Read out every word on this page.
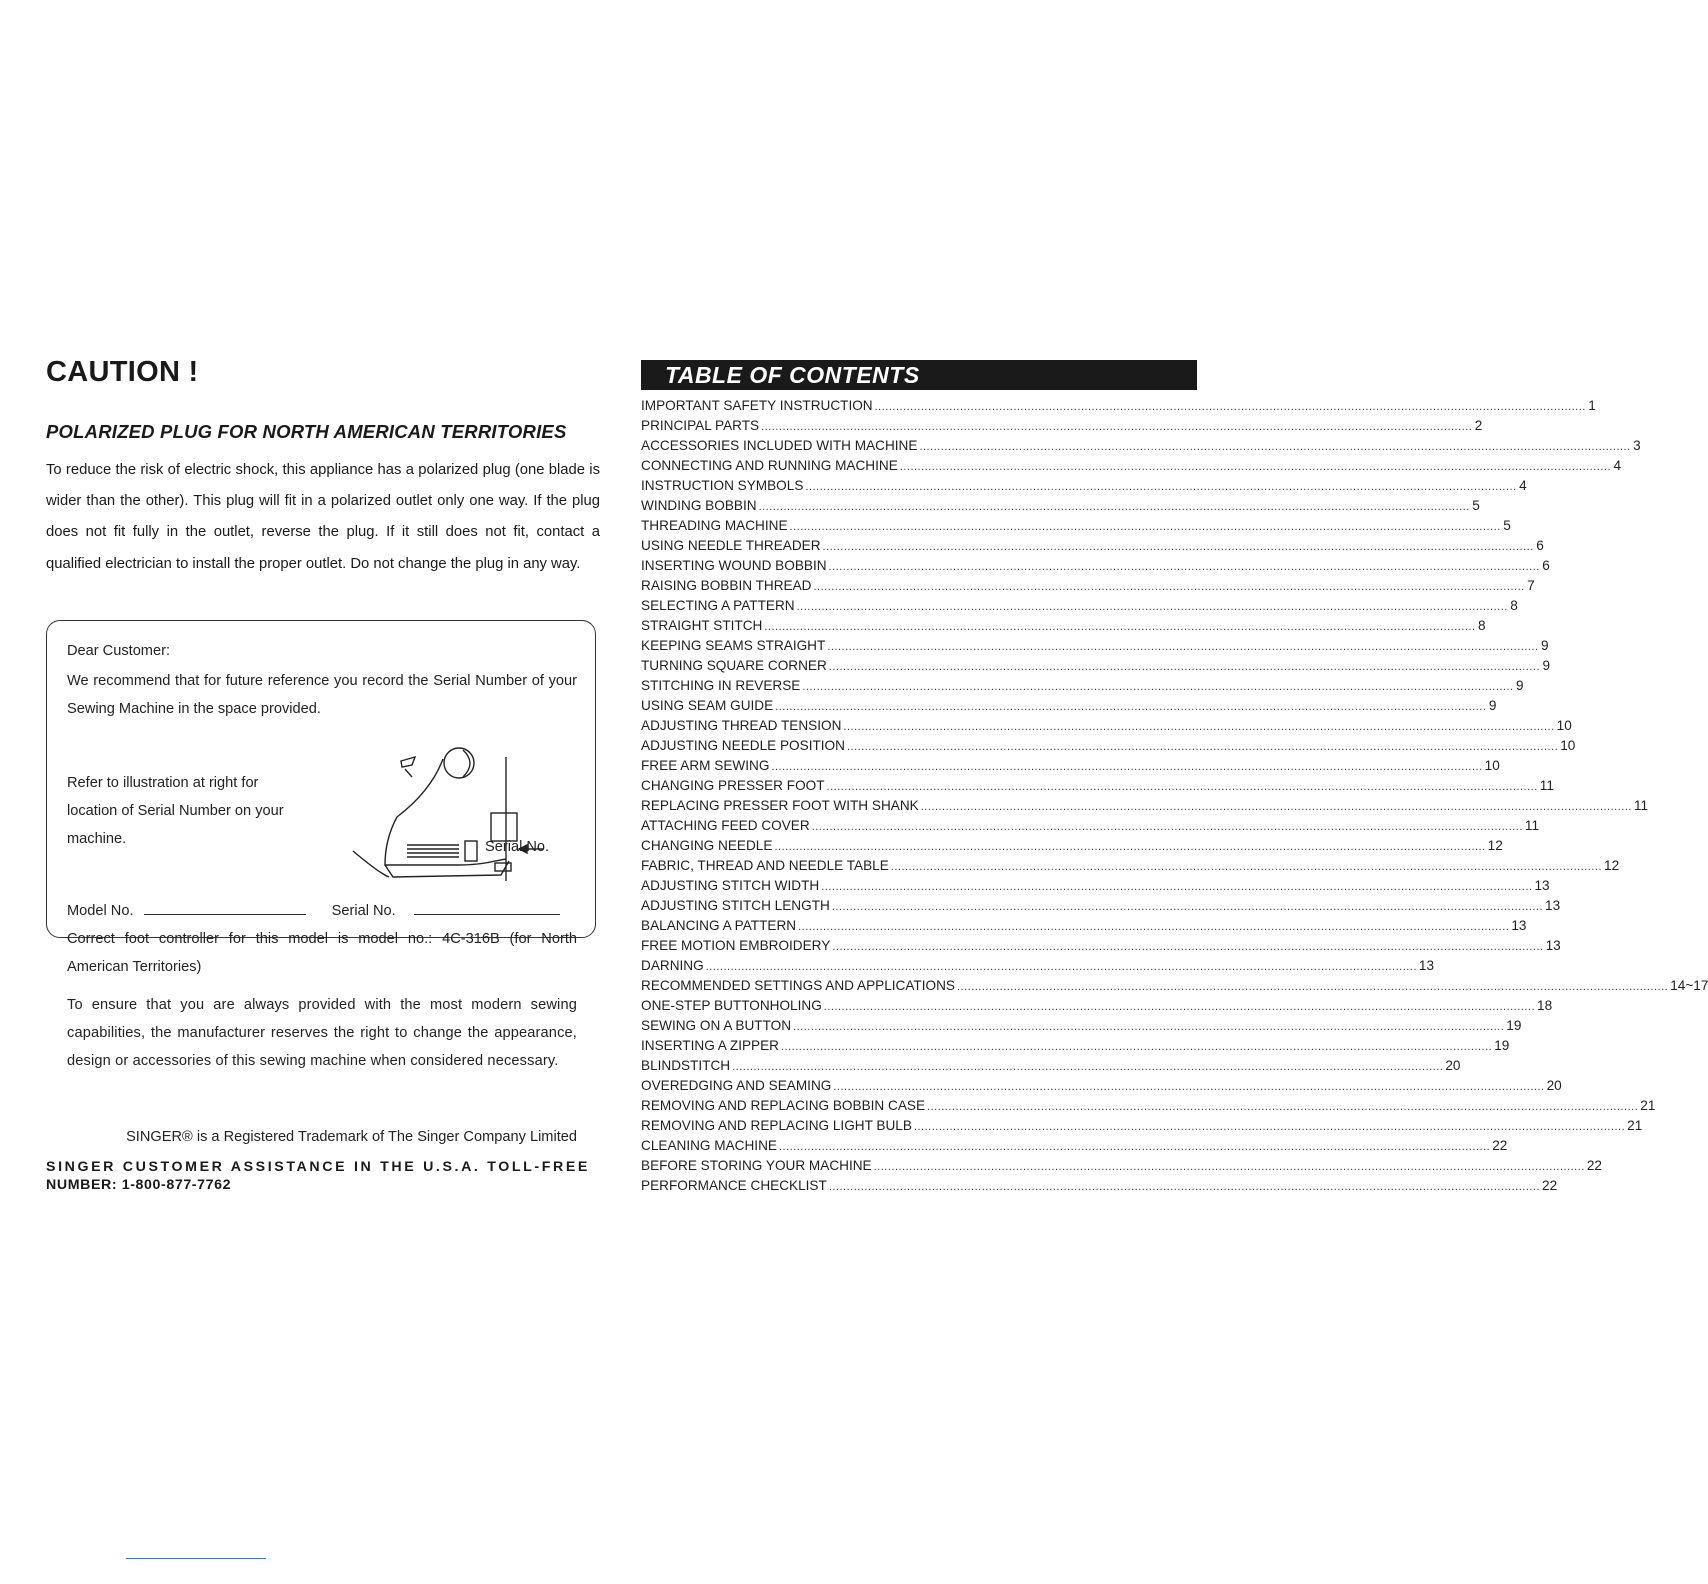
CAUTION !
POLARIZED PLUG FOR NORTH AMERICAN TERRITORIES

To reduce the risk of electric shock, this appliance has a polarized plug (one blade is wider than the other). This plug will fit in a polarized outlet only one way. If the plug does not fit fully in the outlet, reverse the plug. If it still does not fit, contact a qualified electrician to install the proper outlet. Do not change the plug in any way.

Dear Customer:

We recommend that for future reference you record the Serial Number of your Sewing Machine in the space provided.

Refer to illustration at right for location of Serial Number on your machine.	Serial No.
Model No.	Serial No.

Correct foot controller for this model is model no.: 4C-316B (for North American Territories)

To ensure that you are always provided with the most modern sewing capabilities, the manufacturer reserves the right to change the appearance, design or accessories of this sewing machine when considered necessary.

SINGER® is a Registered Trademark of The Singer Company Limited

SINGER CUSTOMER ASSISTANCE IN THE U.S.A. TOLL-FREE
NUMBER: 1-800-877-7762
TABLE OF CONTENTS
IMPORTANT SAFETY INSTRUCTION ........................................................................................................................................................................................................ 1
PRINCIPAL PARTS ........................................................................................................................................................................................................ 2
ACCESSORIES INCLUDED WITH MACHINE ........................................................................................................................................................................................................ 3
CONNECTING AND RUNNING MACHINE ........................................................................................................................................................................................................ 4
INSTRUCTION SYMBOLS ........................................................................................................................................................................................................ 4
WINDING BOBBIN ........................................................................................................................................................................................................ 5
THREADING MACHINE ........................................................................................................................................................................................................ 5
USING NEEDLE THREADER ........................................................................................................................................................................................................ 6
INSERTING WOUND BOBBIN ........................................................................................................................................................................................................ 6
RAISING BOBBIN THREAD ........................................................................................................................................................................................................ 7
SELECTING A PATTERN ........................................................................................................................................................................................................ 8
STRAIGHT STITCH ........................................................................................................................................................................................................ 8
KEEPING SEAMS STRAIGHT ........................................................................................................................................................................................................ 9
TURNING SQUARE CORNER ........................................................................................................................................................................................................ 9
STITCHING IN REVERSE ........................................................................................................................................................................................................ 9
USING SEAM GUIDE ........................................................................................................................................................................................................ 9
ADJUSTING THREAD TENSION ........................................................................................................................................................................................................ 10
ADJUSTING NEEDLE POSITION ........................................................................................................................................................................................................ 10
FREE ARM SEWING ........................................................................................................................................................................................................ 10
CHANGING PRESSER FOOT ........................................................................................................................................................................................................ 11
REPLACING PRESSER FOOT WITH SHANK ........................................................................................................................................................................................................ 11
ATTACHING FEED COVER ........................................................................................................................................................................................................ 11
CHANGING NEEDLE ........................................................................................................................................................................................................ 12
FABRIC, THREAD AND NEEDLE TABLE ........................................................................................................................................................................................................ 12
ADJUSTING STITCH WIDTH ........................................................................................................................................................................................................ 13
ADJUSTING STITCH LENGTH ........................................................................................................................................................................................................ 13
BALANCING A PATTERN ........................................................................................................................................................................................................ 13
FREE MOTION EMBROIDERY ........................................................................................................................................................................................................ 13
DARNING ........................................................................................................................................................................................................ 13
RECOMMENDED SETTINGS AND APPLICATIONS ........................................................................................................................................................................................................ 14~17
ONE-STEP BUTTONHOLING ........................................................................................................................................................................................................ 18
SEWING ON A BUTTON ........................................................................................................................................................................................................ 19
INSERTING A ZIPPER ........................................................................................................................................................................................................ 19
BLINDSTITCH ........................................................................................................................................................................................................ 20
OVEREDGING AND SEAMING ........................................................................................................................................................................................................ 20
REMOVING AND REPLACING BOBBIN CASE ........................................................................................................................................................................................................ 21
REMOVING AND REPLACING LIGHT BULB ........................................................................................................................................................................................................ 21
CLEANING MACHINE ........................................................................................................................................................................................................ 22
BEFORE STORING YOUR MACHINE ........................................................................................................................................................................................................ 22
PERFORMANCE CHECKLIST ........................................................................................................................................................................................................ 22
